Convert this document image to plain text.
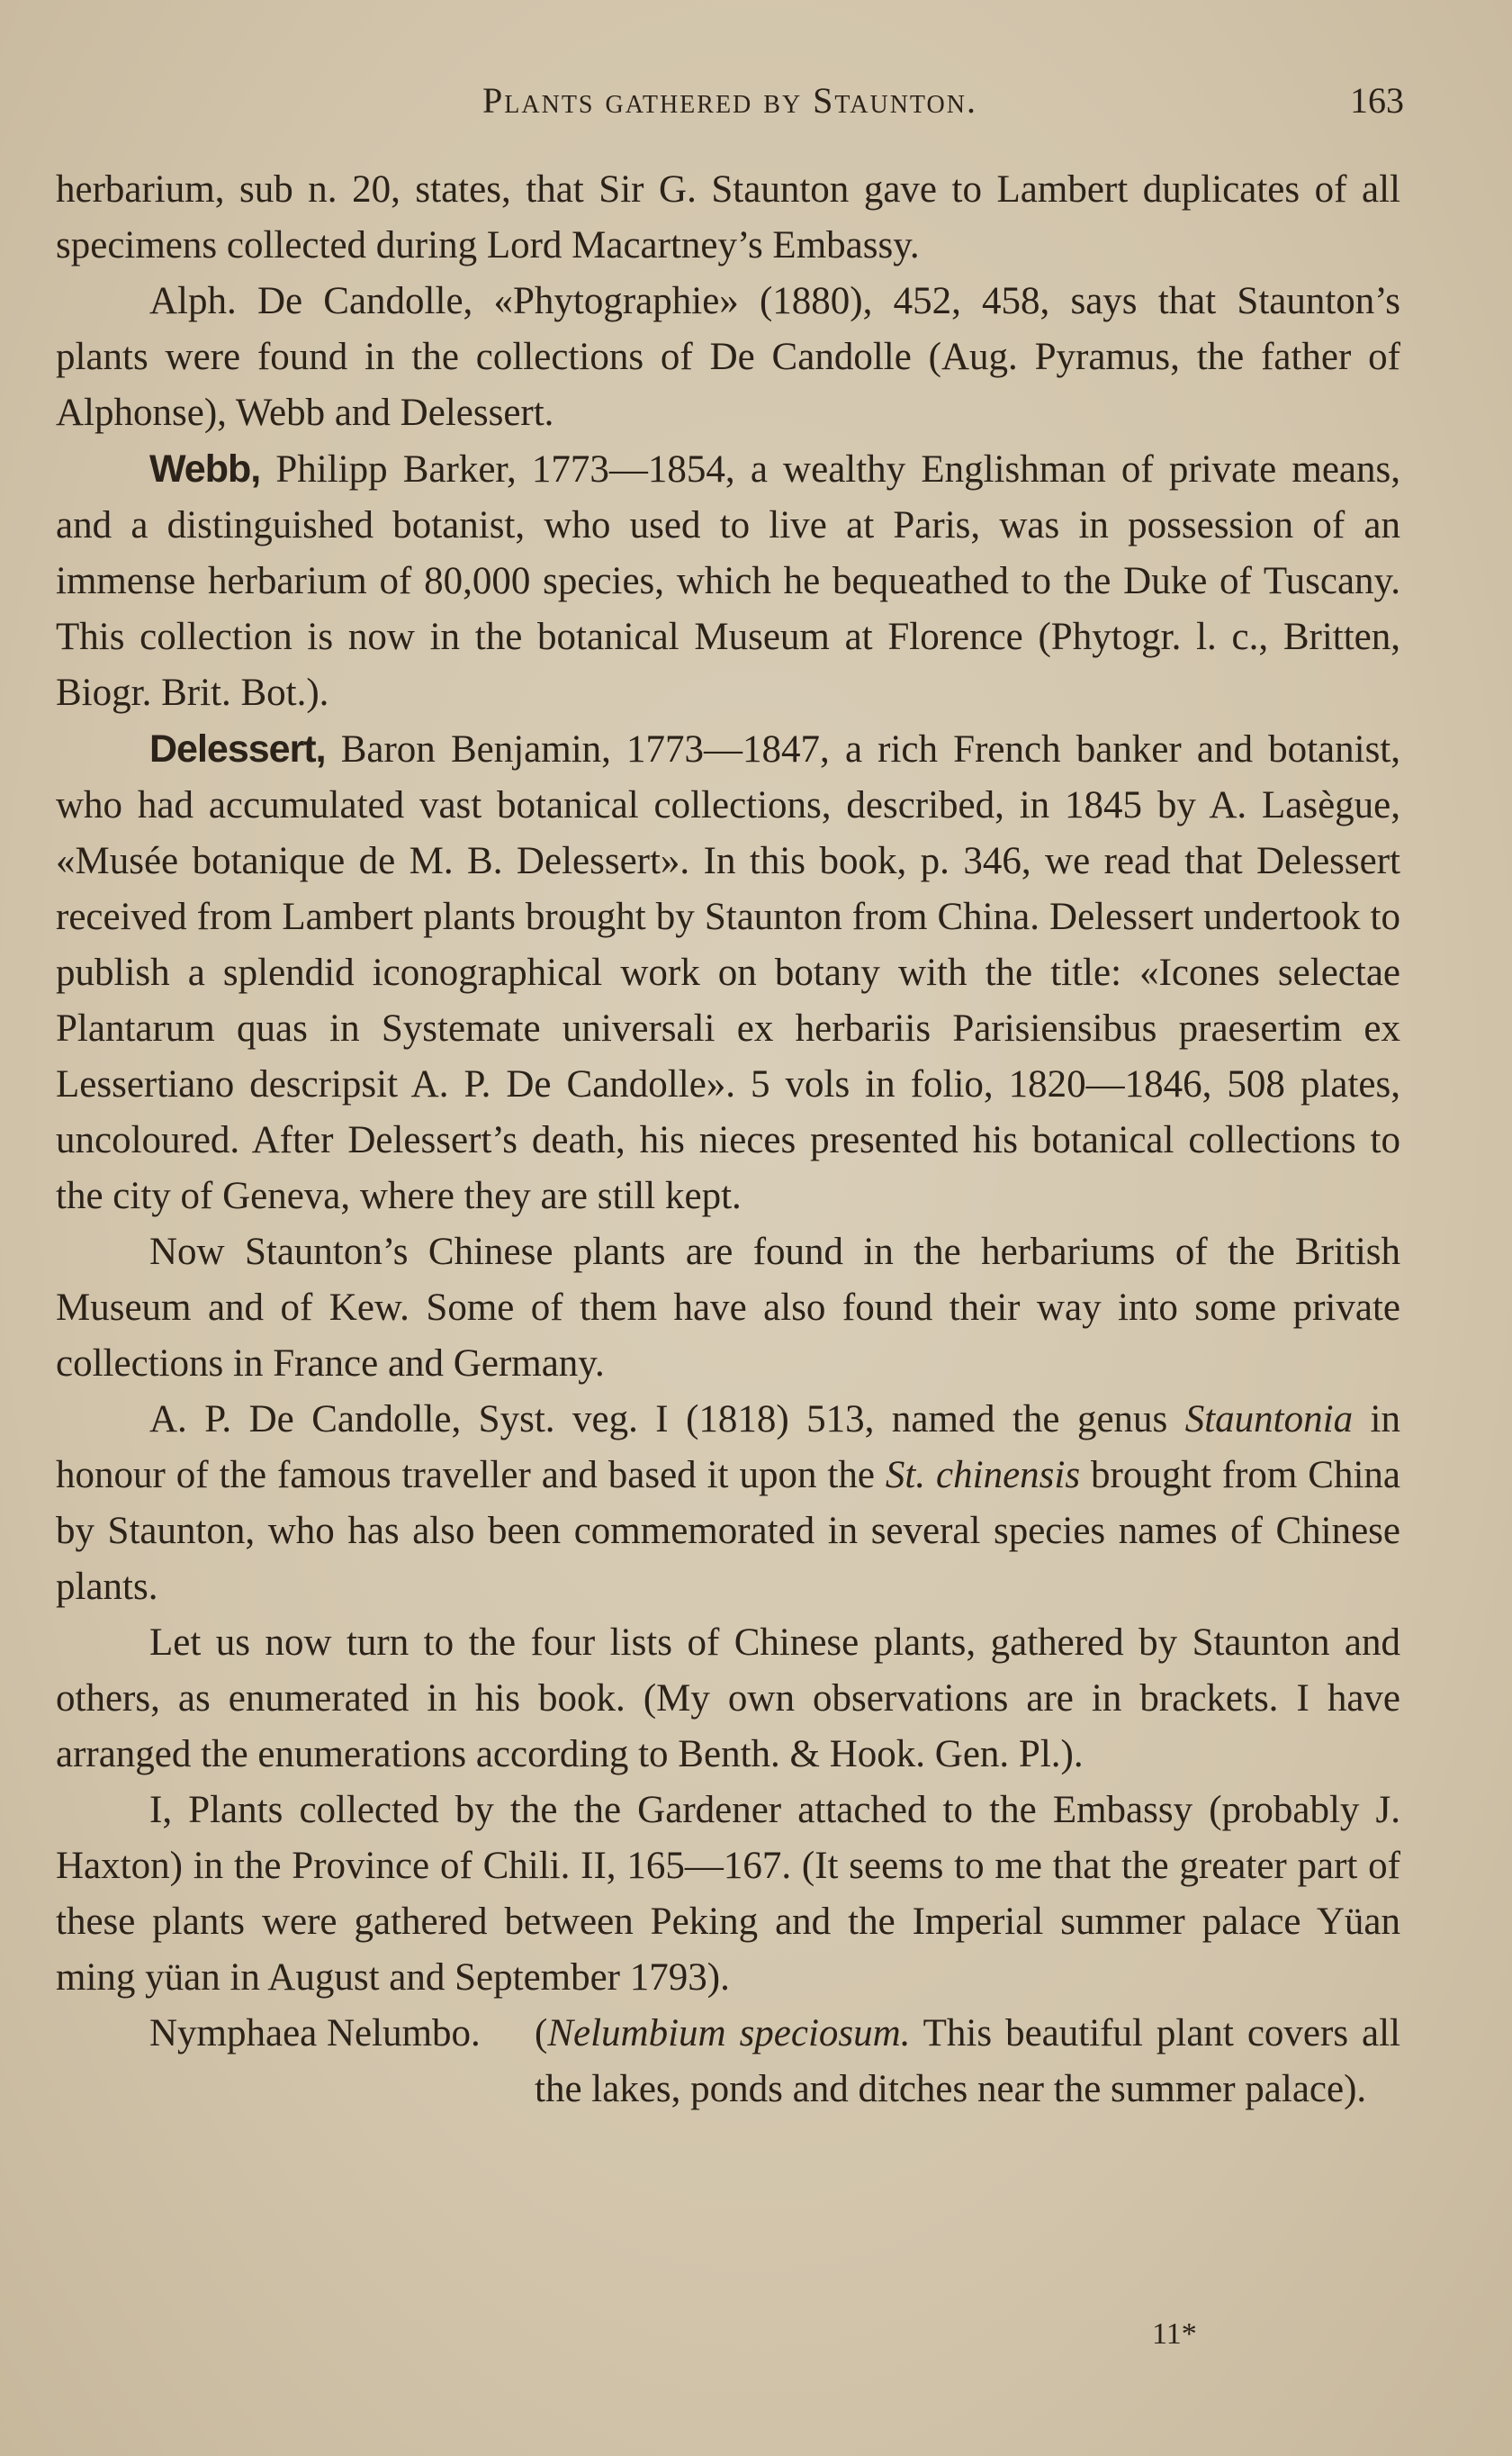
Plants gathered by Staunton.	163

herbarium, sub n. 20, states, that Sir G. Staunton gave to Lambert duplicates of all specimens collected during Lord Macartney’s Embassy.

Alph. De Candolle, «Phytographie» (1880), 452, 458, says that Staunton’s plants were found in the collections of De Candolle (Aug. Pyramus, the father of Alphonse), Webb and Delessert.

Webb, Philipp Barker, 1773—1854, a wealthy Englishman of private means, and a distinguished botanist, who used to live at Paris, was in possession of an immense herbarium of 80,000 species, which he bequeathed to the Duke of Tuscany. This collection is now in the botanical Museum at Florence (Phytogr. l. c., Britten, Biogr. Brit. Bot.).

Delessert, Baron Benjamin, 1773—1847, a rich French banker and botanist, who had accumulated vast botanical collections, described, in 1845 by A. Lasègue, «Musée botanique de M. B. Delessert». In this book, p. 346, we read that Delessert received from Lambert plants brought by Staunton from China. Delessert undertook to publish a splendid iconographical work on botany with the title: «Icones selectae Plantarum quas in Systemate universali ex herbariis Parisiensibus praesertim ex Lessertiano descripsit A. P. De Candolle». 5 vols in folio, 1820—1846, 508 plates, uncoloured. After Delessert’s death, his nieces presented his botanical collections to the city of Geneva, where they are still kept.

Now Staunton’s Chinese plants are found in the herbariums of the British Museum and of Kew. Some of them have also found their way into some private collections in France and Germany.

A. P. De Candolle, Syst. veg. I (1818) 513, named the genus Stauntonia in honour of the famous traveller and based it upon the St. chinensis brought from China by Staunton, who has also been commemorated in several species names of Chinese plants.

Let us now turn to the four lists of Chinese plants, gathered by Staunton and others, as enumerated in his book. (My own observations are in brackets. I have arranged the enumerations according to Benth. & Hook. Gen. Pl.).

I, Plants collected by the the Gardener attached to the Embassy (probably J. Haxton) in the Province of Chili. II, 165—167. (It seems to me that the greater part of these plants were gathered between Peking and the Imperial summer palace Yüan ming yüan in August and September 1793).

Nymphaea Nelumbo.	(Nelumbium speciosum. This beautiful plant covers all the lakes, ponds and ditches near the summer palace).
11*
